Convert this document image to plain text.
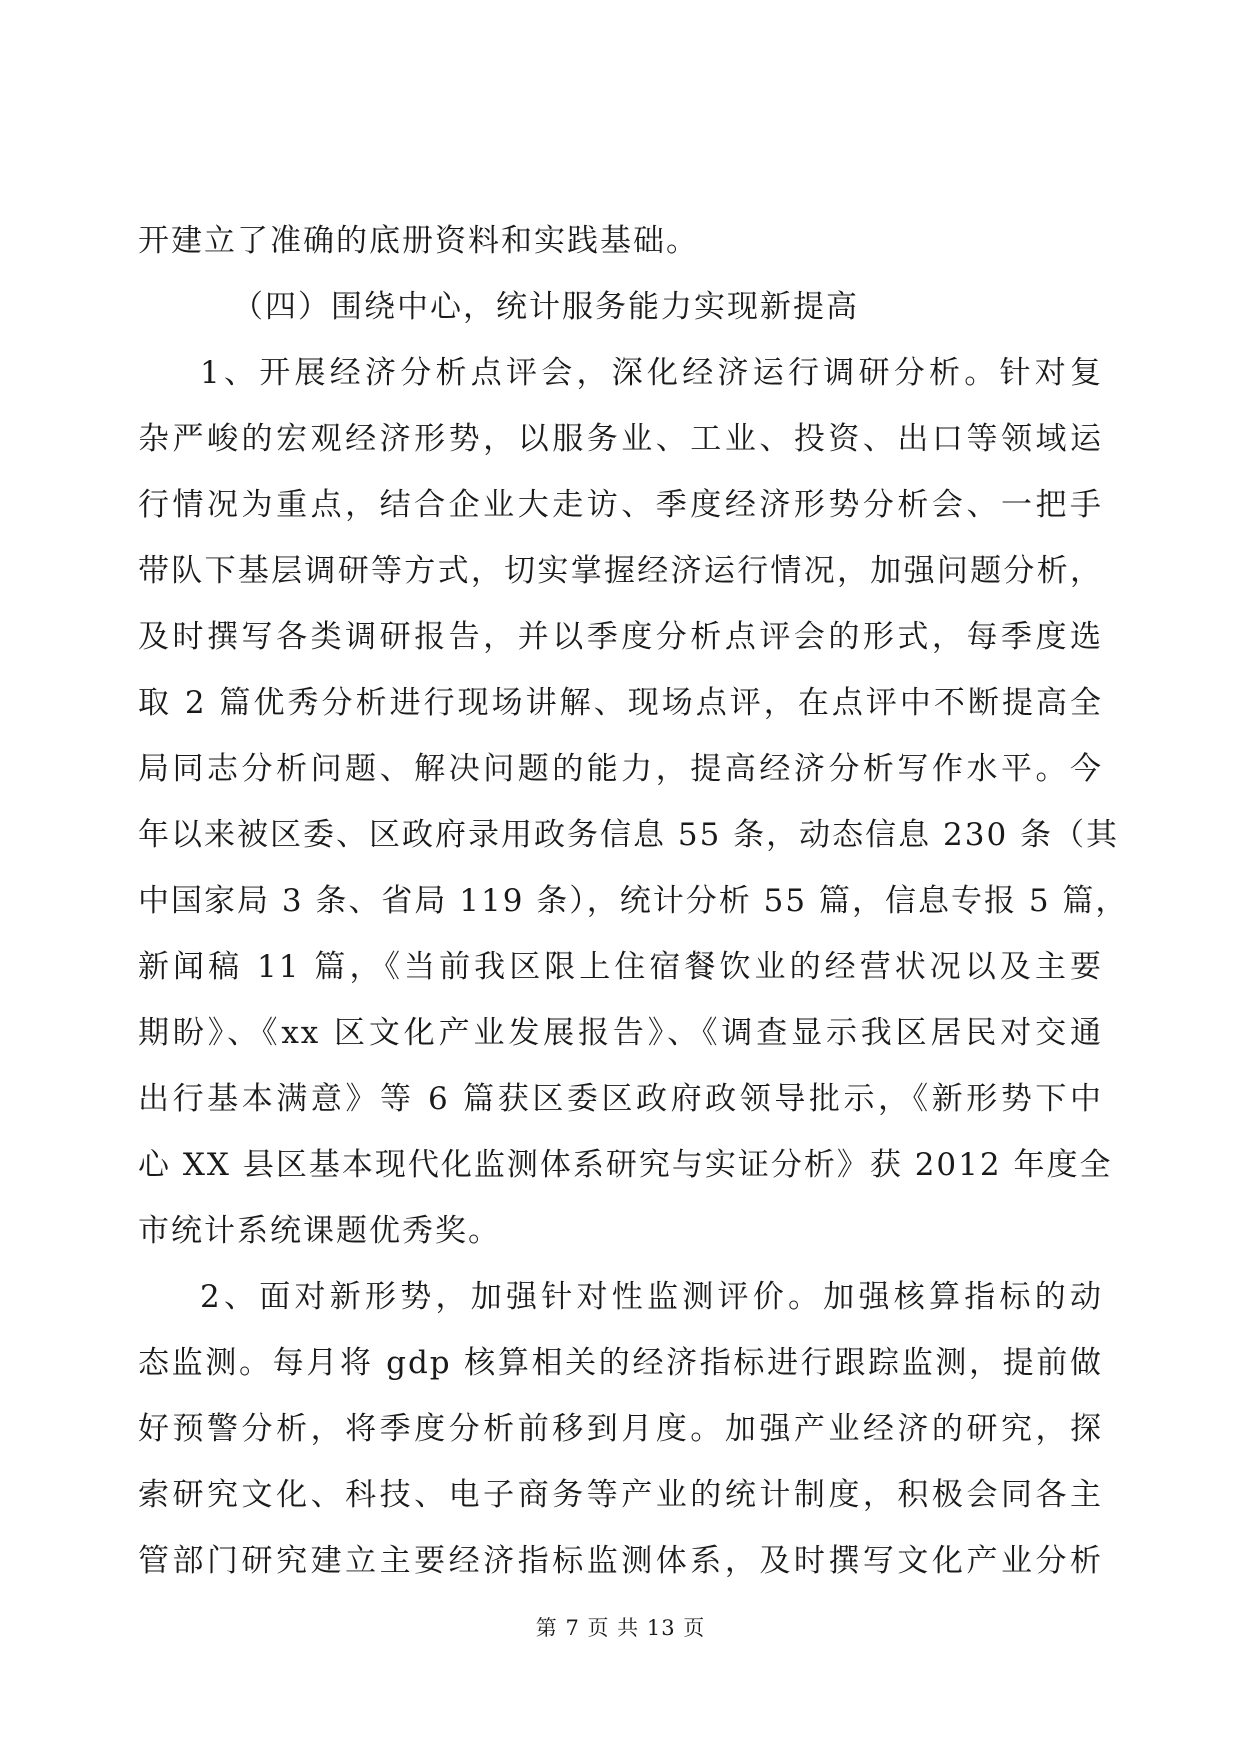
开建立了准确的底册资料和实践基础。
（四）围绕中心，统计服务能力实现新提高
1、开展经济分析点评会，深化经济运行调研分析。针对复
杂严峻的宏观经济形势，以服务业、工业、投资、出口等领域运
行情况为重点，结合企业大走访、季度经济形势分析会、一把手
带队下基层调研等方式，切实掌握经济运行情况，加强问题分析，
及时撰写各类调研报告，并以季度分析点评会的形式，每季度选
取 2 篇优秀分析进行现场讲解、现场点评，在点评中不断提高全
局同志分析问题、解决问题的能力，提高经济分析写作水平。今
年以来被区委、区政府录用政务信息 55 条，动态信息 230 条（其
中国家局 3 条、省局 119 条），统计分析 55 篇，信息专报 5 篇，
新闻稿 11 篇，《当前我区限上住宿餐饮业的经营状况以及主要
期盼》、《xx 区文化产业发展报告》、《调查显示我区居民对交通
出行基本满意》等 6 篇获区委区政府政领导批示，《新形势下中
心 XX 县区基本现代化监测体系研究与实证分析》获 2012 年度全
市统计系统课题优秀奖。
2、面对新形势，加强针对性监测评价。加强核算指标的动
态监测。每月将 gdp 核算相关的经济指标进行跟踪监测，提前做
好预警分析，将季度分析前移到月度。加强产业经济的研究，探
索研究文化、科技、电子商务等产业的统计制度，积极会同各主
管部门研究建立主要经济指标监测体系，及时撰写文化产业分析
第 7 页 共 13 页
